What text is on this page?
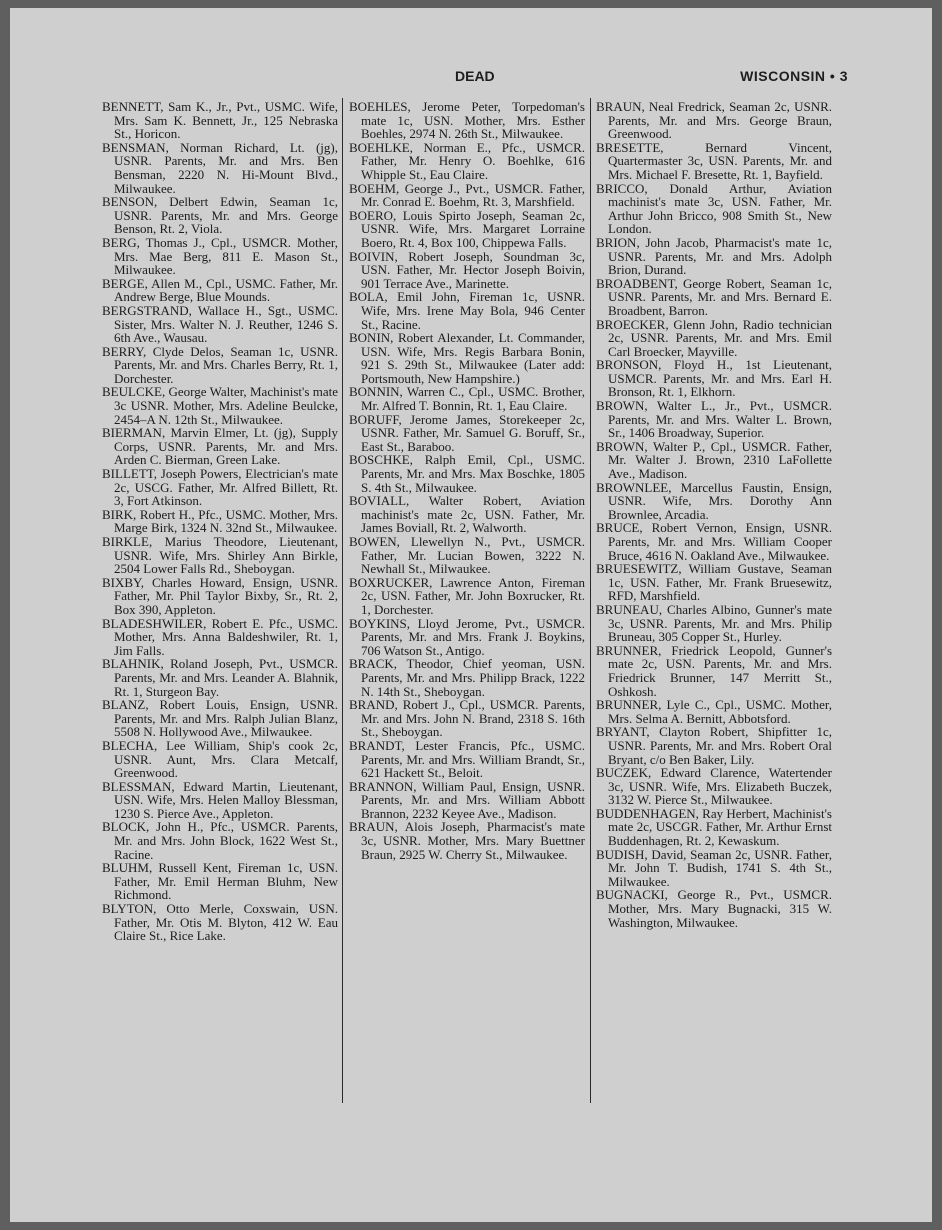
DEAD	WISCONSIN • 3
BENNETT, Sam K., Jr., Pvt., USMC. Wife, Mrs. Sam K. Bennett, Jr., 125 Nebraska St., Horicon.
BENSMAN, Norman Richard, Lt. (jg), USNR. Parents, Mr. and Mrs. Ben Bensman, 2220 N. Hi-Mount Blvd., Milwaukee.
BENSON, Delbert Edwin, Seaman 1c, USNR. Parents, Mr. and Mrs. George Benson, Rt. 2, Viola.
BERG, Thomas J., Cpl., USMCR. Mother, Mrs. Mae Berg, 811 E. Mason St., Milwaukee.
BERGE, Allen M., Cpl., USMC. Father, Mr. Andrew Berge, Blue Mounds.
BERGSTRAND, Wallace H., Sgt., USMC. Sister, Mrs. Walter N. J. Reuther, 1246 S. 6th Ave., Wausau.
BERRY, Clyde Delos, Seaman 1c, USNR. Parents, Mr. and Mrs. Charles Berry, Rt. 1, Dorchester.
BEULCKE, George Walter, Machinist's mate 3c USNR. Mother, Mrs. Adeline Beulcke, 2454–A N. 12th St., Milwaukee.
BIERMAN, Marvin Elmer, Lt. (jg), Supply Corps, USNR. Parents, Mr. and Mrs. Arden C. Bierman, Green Lake.
BILLETT, Joseph Powers, Electrician's mate 2c, USCG. Father, Mr. Alfred Billett, Rt. 3, Fort Atkinson.
BIRK, Robert H., Pfc., USMC. Mother, Mrs. Marge Birk, 1324 N. 32nd St., Milwaukee.
BIRKLE, Marius Theodore, Lieutenant, USNR. Wife, Mrs. Shirley Ann Birkle, 2504 Lower Falls Rd., Sheboygan.
BIXBY, Charles Howard, Ensign, USNR. Father, Mr. Phil Taylor Bixby, Sr., Rt. 2, Box 390, Appleton.
BLADESHWILER, Robert E. Pfc., USMC. Mother, Mrs. Anna Baldeshwiler, Rt. 1, Jim Falls.
BLAHNIK, Roland Joseph, Pvt., USMCR. Parents, Mr. and Mrs. Leander A. Blahnik, Rt. 1, Sturgeon Bay.
BLANZ, Robert Louis, Ensign, USNR. Parents, Mr. and Mrs. Ralph Julian Blanz, 5508 N. Hollywood Ave., Milwaukee.
BLECHA, Lee William, Ship's cook 2c, USNR. Aunt, Mrs. Clara Metcalf, Greenwood.
BLESSMAN, Edward Martin, Lieutenant, USN. Wife, Mrs. Helen Malloy Blessman, 1230 S. Pierce Ave., Appleton.
BLOCK, John H., Pfc., USMCR. Parents, Mr. and Mrs. John Block, 1622 West St., Racine.
BLUHM, Russell Kent, Fireman 1c, USN. Father, Mr. Emil Herman Bluhm, New Richmond.
BLYTON, Otto Merle, Coxswain, USN. Father, Mr. Otis M. Blyton, 412 W. Eau Claire St., Rice Lake.
BOEHLES, Jerome Peter, Torpedoman's mate 1c, USN. Mother, Mrs. Esther Boehles, 2974 N. 26th St., Milwaukee.
BOEHLKE, Norman E., Pfc., USMCR. Father, Mr. Henry O. Boehlke, 616 Whipple St., Eau Claire.
BOEHM, George J., Pvt., USMCR. Father, Mr. Conrad E. Boehm, Rt. 3, Marshfield.
BOERO, Louis Spirto Joseph, Seaman 2c, USNR. Wife, Mrs. Margaret Lorraine Boero, Rt. 4, Box 100, Chippewa Falls.
BOIVIN, Robert Joseph, Soundman 3c, USN. Father, Mr. Hector Joseph Boivin, 901 Terrace Ave., Marinette.
BOLA, Emil John, Fireman 1c, USNR. Wife, Mrs. Irene May Bola, 946 Center St., Racine.
BONIN, Robert Alexander, Lt. Commander, USN. Wife, Mrs. Regis Barbara Bonin, 921 S. 29th St., Milwaukee (Later add: Portsmouth, New Hampshire.)
BONNIN, Warren C., Cpl., USMC. Brother, Mr. Alfred T. Bonnin, Rt. 1, Eau Claire.
BORUFF, Jerome James, Storekeeper 2c, USNR. Father, Mr. Samuel G. Boruff, Sr., East St., Baraboo.
BOSCHKE, Ralph Emil, Cpl., USMC. Parents, Mr. and Mrs. Max Boschke, 1805 S. 4th St., Milwaukee.
BOVIALL, Walter Robert, Aviation machinist's mate 2c, USN. Father, Mr. James Boviall, Rt. 2, Walworth.
BOWEN, Llewellyn N., Pvt., USMCR. Father, Mr. Lucian Bowen, 3222 N. Newhall St., Milwaukee.
BOXRUCKER, Lawrence Anton, Fireman 2c, USN. Father, Mr. John Boxrucker, Rt. 1, Dorchester.
BOYKINS, Lloyd Jerome, Pvt., USMCR. Parents, Mr. and Mrs. Frank J. Boykins, 706 Watson St., Antigo.
BRACK, Theodor, Chief yeoman, USN. Parents, Mr. and Mrs. Philipp Brack, 1222 N. 14th St., Sheboygan.
BRAND, Robert J., Cpl., USMCR. Parents, Mr. and Mrs. John N. Brand, 2318 S. 16th St., Sheboygan.
BRANDT, Lester Francis, Pfc., USMC. Parents, Mr. and Mrs. William Brandt, Sr., 621 Hackett St., Beloit.
BRANNON, William Paul, Ensign, USNR. Parents, Mr. and Mrs. William Abbott Brannon, 2232 Keyee Ave., Madison.
BRAUN, Alois Joseph, Pharmacist's mate 3c, USNR. Mother, Mrs. Mary Buettner Braun, 2925 W. Cherry St., Milwaukee.
BRAUN, Neal Fredrick, Seaman 2c, USNR. Parents, Mr. and Mrs. George Braun, Greenwood.
BRESETTE, Bernard Vincent, Quartermaster 3c, USN. Parents, Mr. and Mrs. Michael F. Bresette, Rt. 1, Bayfield.
BRICCO, Donald Arthur, Aviation machinist's mate 3c, USN. Father, Mr. Arthur John Bricco, 908 Smith St., New London.
BRION, John Jacob, Pharmacist's mate 1c, USNR. Parents, Mr. and Mrs. Adolph Brion, Durand.
BROADBENT, George Robert, Seaman 1c, USNR. Parents, Mr. and Mrs. Bernard E. Broadbent, Barron.
BROECKER, Glenn John, Radio technician 2c, USNR. Parents, Mr. and Mrs. Emil Carl Broecker, Mayville.
BRONSON, Floyd H., 1st Lieutenant, USMCR. Parents, Mr. and Mrs. Earl H. Bronson, Rt. 1, Elkhorn.
BROWN, Walter L., Jr., Pvt., USMCR. Parents, Mr. and Mrs. Walter L. Brown, Sr., 1406 Broadway, Superior.
BROWN, Walter P., Cpl., USMCR. Father, Mr. Walter J. Brown, 2310 LaFollette Ave., Madison.
BROWNLEE, Marcellus Faustin, Ensign, USNR. Wife, Mrs. Dorothy Ann Brownlee, Arcadia.
BRUCE, Robert Vernon, Ensign, USNR. Parents, Mr. and Mrs. William Cooper Bruce, 4616 N. Oakland Ave., Milwaukee.
BRUESEWITZ, William Gustave, Seaman 1c, USN. Father, Mr. Frank Bruesewitz, RFD, Marshfield.
BRUNEAU, Charles Albino, Gunner's mate 3c, USNR. Parents, Mr. and Mrs. Philip Bruneau, 305 Copper St., Hurley.
BRUNNER, Friedrick Leopold, Gunner's mate 2c, USN. Parents, Mr. and Mrs. Friedrick Brunner, 147 Merritt St., Oshkosh.
BRUNNER, Lyle C., Cpl., USMC. Mother, Mrs. Selma A. Bernitt, Abbotsford.
BRYANT, Clayton Robert, Shipfitter 1c, USNR. Parents, Mr. and Mrs. Robert Oral Bryant, c/o Ben Baker, Lily.
BUCZEK, Edward Clarence, Watertender 3c, USNR. Wife, Mrs. Elizabeth Buczek, 3132 W. Pierce St., Milwaukee.
BUDDENHAGEN, Ray Herbert, Machinist's mate 2c, USCGR. Father, Mr. Arthur Ernst Buddenhagen, Rt. 2, Kewaskum.
BUDISH, David, Seaman 2c, USNR. Father, Mr. John T. Budish, 1741 S. 4th St., Milwaukee.
BUGNACKI, George R., Pvt., USMCR. Mother, Mrs. Mary Bugnacki, 315 W. Washington, Milwaukee.
